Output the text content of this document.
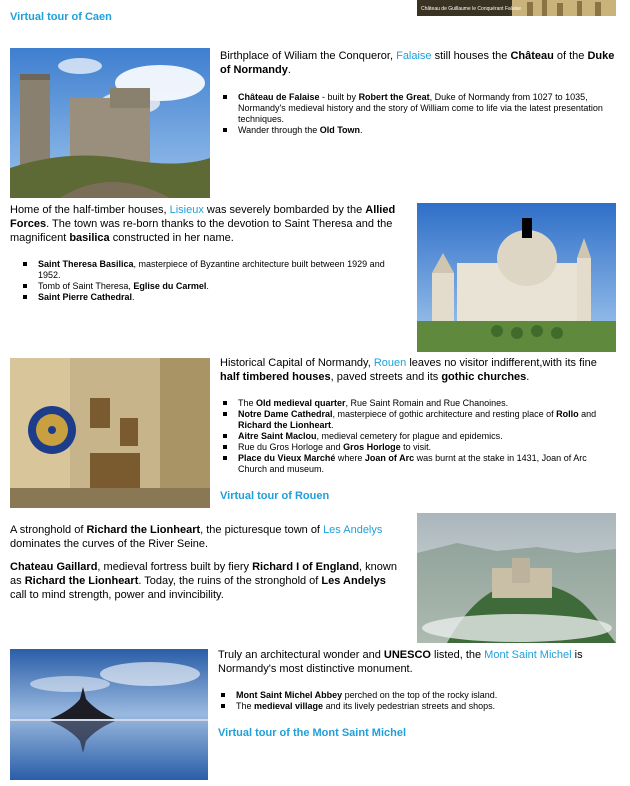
Virtual tour of Caen
Château de Guillaume le Conquérant Falaise

Birthplace of Wiliam the Conqueror, Falaise still houses the Château of the Duke of Normandy.

Château de Falaise - built by Robert the Great, Duke of Normandy from 1027 to 1035, Normandy's medieval history and the story of William come to life via the latest presentation techniques.
Wander through the Old Town.

Home of the half-timber houses, Lisieux was severely bombarded by the Allied Forces. The town was re-born thanks to the devotion to Saint Theresa and the magnificent basilica constructed in her name.

Saint Theresa Basilica, masterpiece of Byzantine architecture built between 1929 and 1952.
Tomb of Saint Theresa, Eglise du Carmel.
Saint Pierre Cathedral.

Historical Capital of Normandy, Rouen leaves no visitor indifferent,with its fine half timbered houses, paved streets and its gothic churches.

The Old medieval quarter, Rue Saint Romain and Rue Chanoines.
Notre Dame Cathedral, masterpiece of gothic architecture and resting place of Rollo and Richard the Lionheart.
Aitre Saint Maclou, medieval cemetery for plague and epidemics.
Rue du Gros Horloge and Gros Horloge to visit.
Place du Vieux Marché where Joan of Arc was burnt at the stake in 1431, Joan of Arc Church and museum.
Virtual tour of Rouen

A stronghold of Richard the Lionheart, the picturesque town of Les Andelys dominates the curves of the River Seine.

Chateau Gaillard, medieval fortress built by fiery Richard I of England, known as Richard the Lionheart. Today, the ruins of the stronghold of Les Andelys call to mind strength, power and invincibility.

Truly an architectural wonder and UNESCO listed, the Mont Saint Michel is Normandy's most distinctive monument.

Mont Saint Michel Abbey perched on the top of the rocky island.
The medieval village and its lively pedestrian streets and shops.
Virtual tour of the Mont Saint Michel
